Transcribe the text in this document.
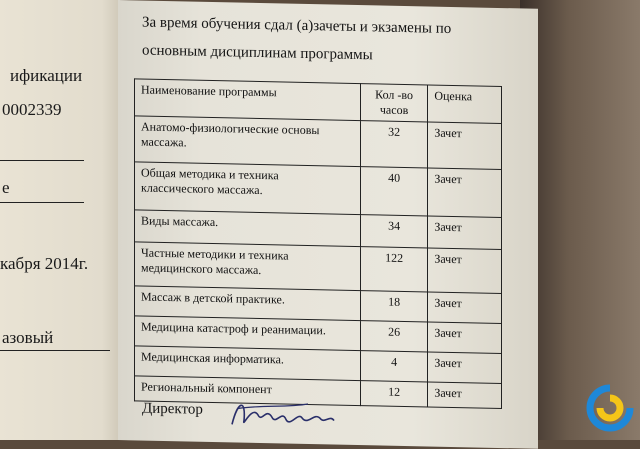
ификации
0002339
е
кабря 2014г.
азовый
За время обучения сдал (а)зачеты и экзамены по
основным дисциплинам программы
Наименование программы	Кол -во часов	Оценка
Анатомо-физиологические основы массажа.	32	Зачет
Общая методика и техника классического массажа.	40	Зачет
Виды массажа.	34	Зачет
Частные методики и техника медицинского массажа.	122	Зачет
Массаж в детской практике.	18	Зачет
Медицина катастроф и реанимации.	26	Зачет
Медицинская информатика.	4	Зачет
Региональный компонент	12	Зачет
Директор
